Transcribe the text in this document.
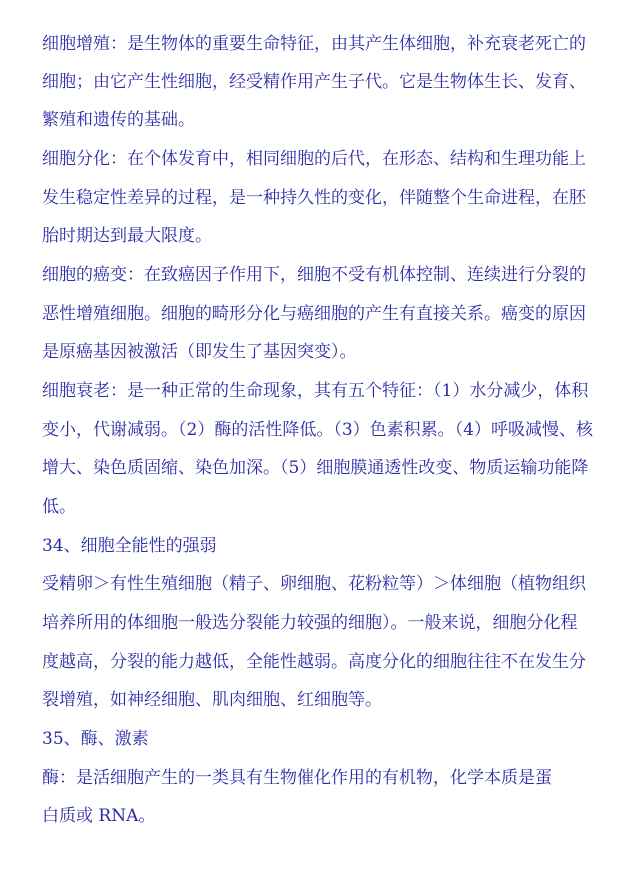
细胞增殖：是生物体的重要生命特征，由其产生体细胞，补充衰老死亡的
细胞；由它产生性细胞，经受精作用产生子代。它是生物体生长、发育、
繁殖和遗传的基础。
细胞分化：在个体发育中，相同细胞的后代，在形态、结构和生理功能上
发生稳定性差异的过程，是一种持久性的变化，伴随整个生命进程，在胚
胎时期达到最大限度。
细胞的癌变：在致癌因子作用下，细胞不受有机体控制、连续进行分裂的
恶性增殖细胞。细胞的畸形分化与癌细胞的产生有直接关系。癌变的原因
是原癌基因被激活（即发生了基因突变）。
细胞衰老：是一种正常的生命现象，其有五个特征：（1）水分减少，体积
变小，代谢减弱。（2）酶的活性降低。（3）色素积累。（4）呼吸减慢、核
增大、染色质固缩、染色加深。（5）细胞膜通透性改变、物质运输功能降
低。
34、细胞全能性的强弱
受精卵＞有性生殖细胞（精子、卵细胞、花粉粒等）＞体细胞（植物组织
培养所用的体细胞一般选分裂能力较强的细胞）。一般来说，细胞分化程
度越高，分裂的能力越低，全能性越弱。高度分化的细胞往往不在发生分
裂增殖，如神经细胞、肌肉细胞、红细胞等。
35、酶、激素
酶：是活细胞产生的一类具有生物催化作用的有机物，化学本质是蛋
白质或 RNA。
